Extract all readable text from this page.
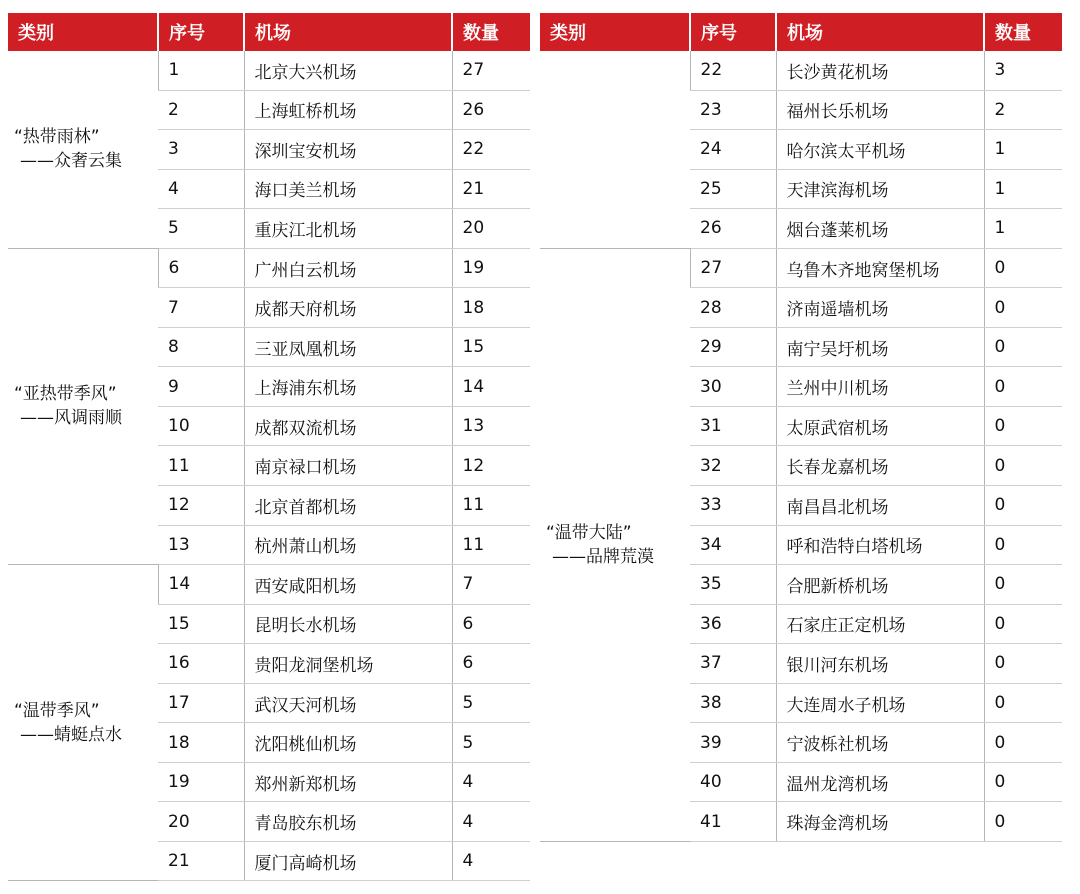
类别	序号	机场	数量

“热带雨林”
——众奢云集	1	北京大兴机场	27
	2	上海虹桥机场	26
	3	深圳宝安机场	22
	4	海口美兰机场	21
	5	重庆江北机场	20

“亚热带季风”
——风调雨顺	6	广州白云机场	19
	7	成都天府机场	18
	8	三亚凤凰机场	15
	9	上海浦东机场	14
	10	成都双流机场	13
	11	南京禄口机场	12
	12	北京首都机场	11
	13	杭州萧山机场	11

“温带季风”
——蜻蜓点水	14	西安咸阳机场	7
	15	昆明长水机场	6
	16	贵阳龙洞堡机场	6
	17	武汉天河机场	5
	18	沈阳桃仙机场	5
	19	郑州新郑机场	4
	20	青岛胶东机场	4
	21	厦门高崎机场	4
类别	序号	机场	数量
	22	长沙黄花机场	3
	23	福州长乐机场	2
	24	哈尔滨太平机场	1
	25	天津滨海机场	1
	26	烟台蓬莱机场	1

“温带大陆”
——品牌荒漠	27	乌鲁木齐地窝堡机场	0
	28	济南遥墙机场	0
	29	南宁吴圩机场	0
	30	兰州中川机场	0
	31	太原武宿机场	0
	32	长春龙嘉机场	0
	33	南昌昌北机场	0
	34	呼和浩特白塔机场	0
	35	合肥新桥机场	0
	36	石家庄正定机场	0
	37	银川河东机场	0
	38	大连周水子机场	0
	39	宁波栎社机场	0
	40	温州龙湾机场	0
	41	珠海金湾机场	0
